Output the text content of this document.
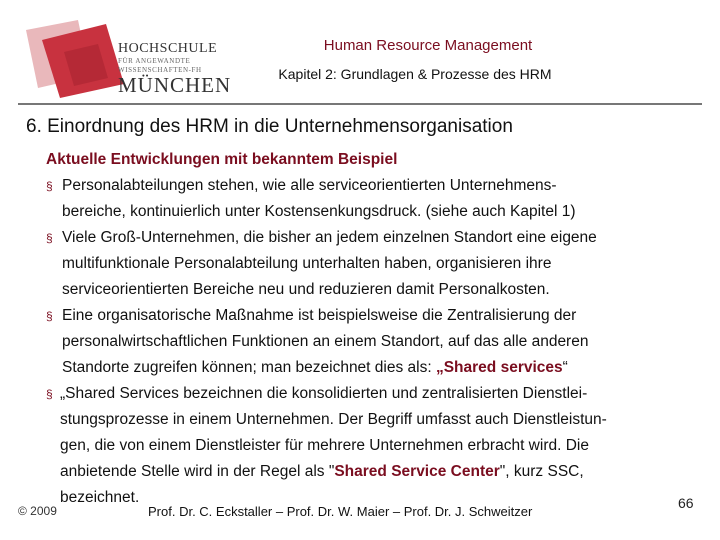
HOCHSCHULE
FÜR ANGEWANDTE
WISSENSCHAFTEN-FH
MÜNCHEN
Human Resource Management
Kapitel 2: Grundlagen & Prozesse des HRM
6. Einordnung des HRM in die Unternehmensorganisation
Aktuelle Entwicklungen mit bekanntem Beispiel
§ Personalabteilungen stehen, wie alle serviceorientierten Unternehmens-
bereiche, kontinuierlich unter Kostensenkungsdruck. (siehe auch Kapitel 1)
§ Viele Groß-Unternehmen, die bisher an jedem einzelnen Standort eine eigene
multifunktionale Personalabteilung unterhalten haben, organisieren ihre
serviceorientierten Bereiche neu und reduzieren damit Personalkosten.
§ Eine organisatorische Maßnahme ist beispielsweise die Zentralisierung der
personalwirtschaftlichen Funktionen an einem Standort, auf das alle anderen
Standorte zugreifen können; man bezeichnet dies als: „Shared services“
§ „Shared Services bezeichnen die konsolidierten und zentralisierten Dienstlei-
stungsprozesse in einem Unternehmen. Der Begriff umfasst auch Dienstleistun-
gen, die von einem Dienstleister für mehrere Unternehmen erbracht wird. Die
anbietende Stelle wird in der Regel als "Shared Service Center", kurz SSC,
bezeichnet.
© 2009	Prof. Dr. C. Eckstaller – Prof. Dr. W. Maier – Prof. Dr. J. Schweitzer
66
